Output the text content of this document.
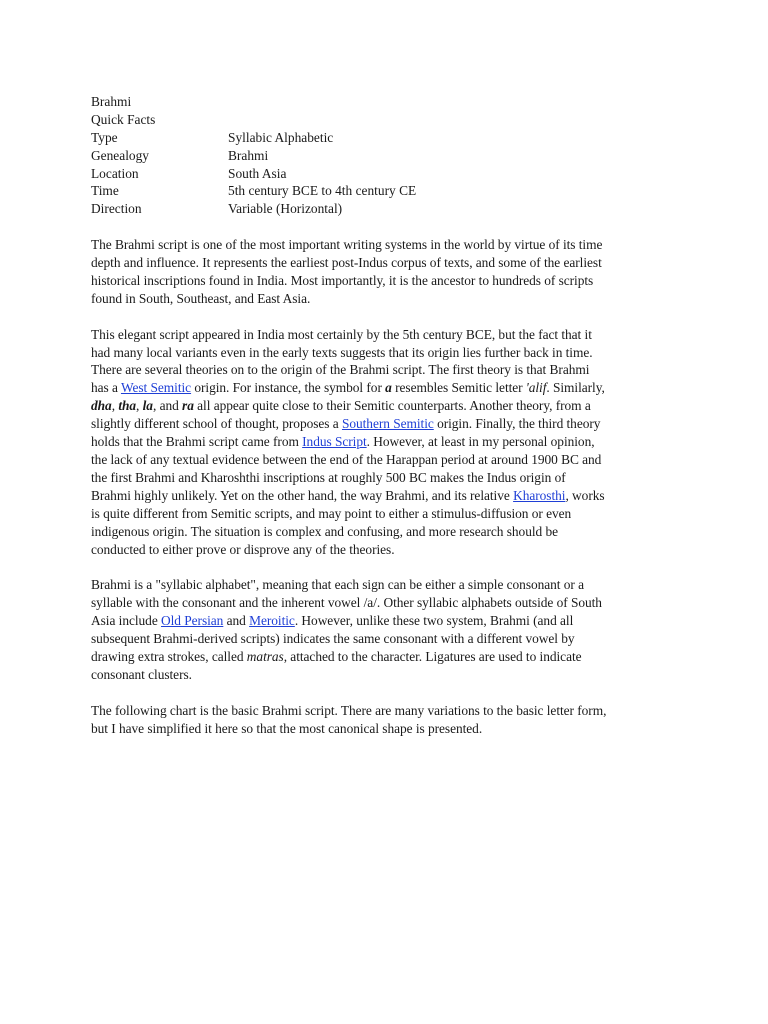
Brahmi
Quick Facts
Type	Syllabic Alphabetic
Genealogy	Brahmi
Location	South Asia
Time	5th century BCE to 4th century CE
Direction	Variable (Horizontal)
The Brahmi script is one of the most important writing systems in the world by virtue of its time
depth and influence. It represents the earliest post-Indus corpus of texts, and some of the earliest
historical inscriptions found in India. Most importantly, it is the ancestor to hundreds of scripts
found in South, Southeast, and East Asia.
This elegant script appeared in India most certainly by the 5th century BCE, but the fact that it
had many local variants even in the early texts suggests that its origin lies further back in time.
There are several theories on to the origin of the Brahmi script. The first theory is that Brahmi
has a West Semitic origin. For instance, the symbol for a resembles Semitic letter 'alif. Similarly,
dha, tha, la, and ra all appear quite close to their Semitic counterparts. Another theory, from a
slightly different school of thought, proposes a Southern Semitic origin. Finally, the third theory
holds that the Brahmi script came from Indus Script. However, at least in my personal opinion,
the lack of any textual evidence between the end of the Harappan period at around 1900 BC and
the first Brahmi and Kharoshthi inscriptions at roughly 500 BC makes the Indus origin of
Brahmi highly unlikely. Yet on the other hand, the way Brahmi, and its relative Kharosthi, works
is quite different from Semitic scripts, and may point to either a stimulus-diffusion or even
indigenous origin. The situation is complex and confusing, and more research should be
conducted to either prove or disprove any of the theories.
Brahmi is a "syllabic alphabet", meaning that each sign can be either a simple consonant or a
syllable with the consonant and the inherent vowel /a/. Other syllabic alphabets outside of South
Asia include Old Persian and Meroitic. However, unlike these two system, Brahmi (and all
subsequent Brahmi-derived scripts) indicates the same consonant with a different vowel by
drawing extra strokes, called matras, attached to the character. Ligatures are used to indicate
consonant clusters.
The following chart is the basic Brahmi script. There are many variations to the basic letter form,
but I have simplified it here so that the most canonical shape is presented.
